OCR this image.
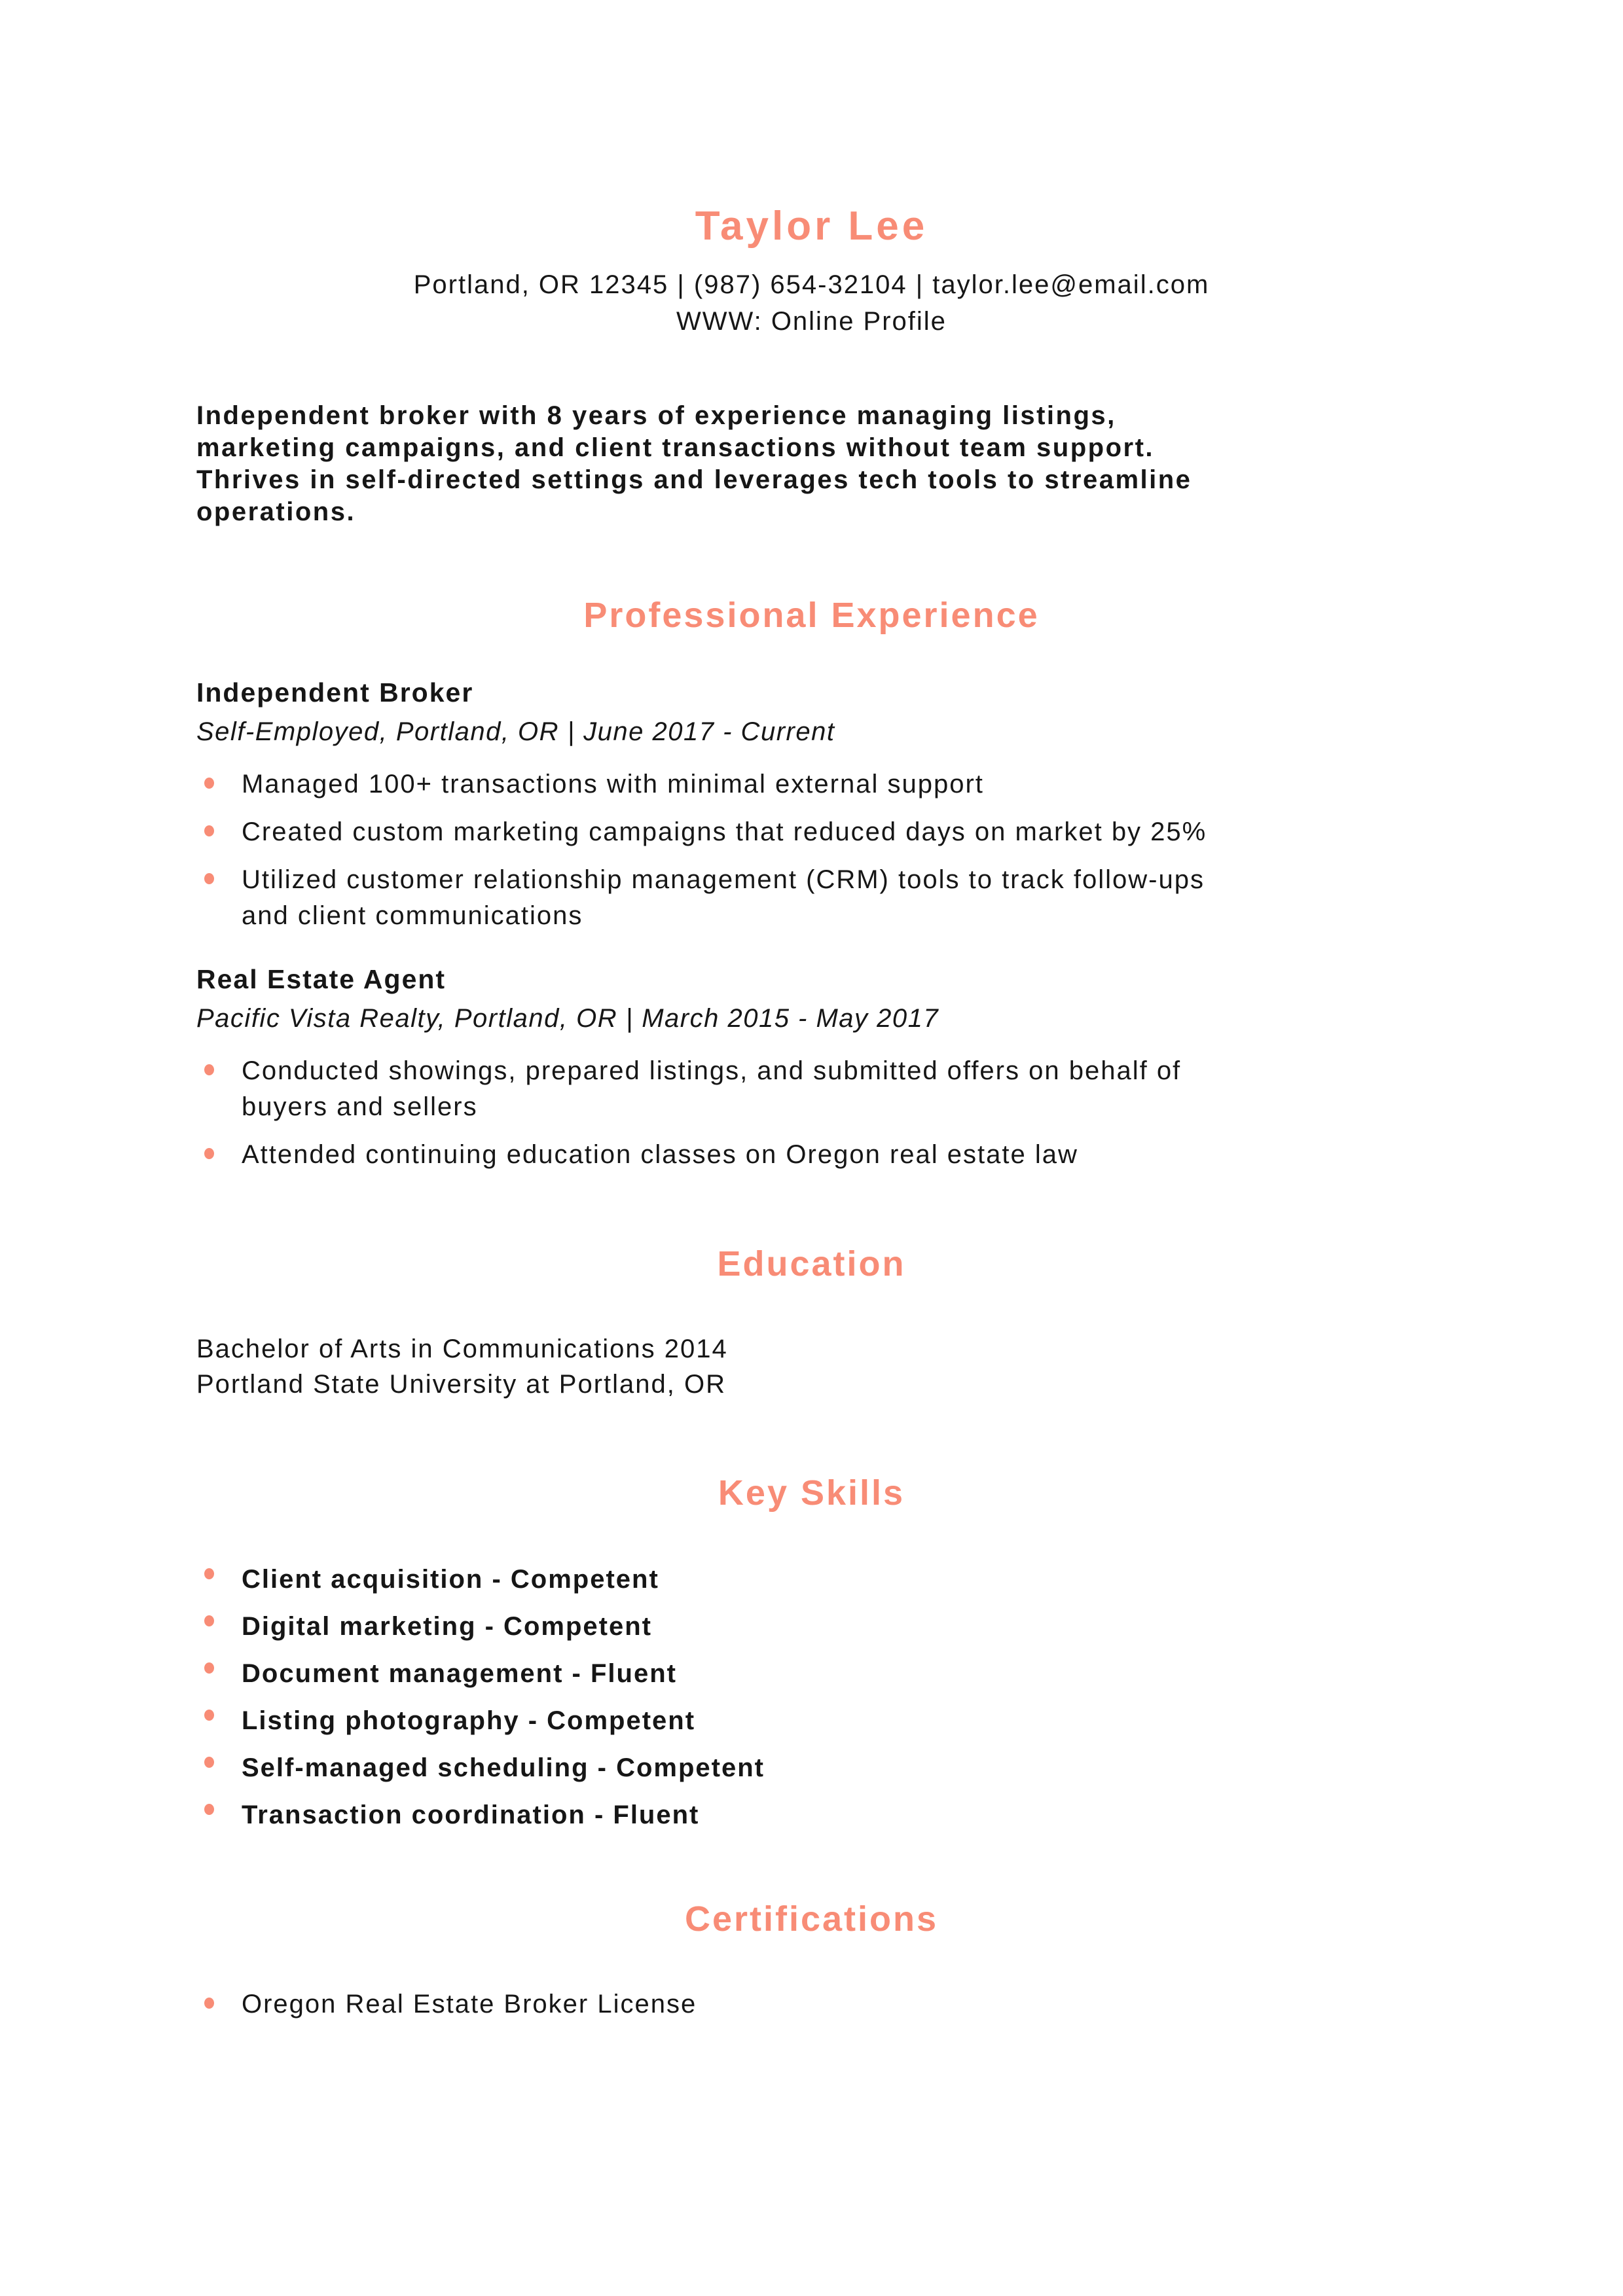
Taylor Lee
Portland, OR 12345 | (987) 654-32104 | taylor.lee@email.com
WWW: Online Profile

Independent broker with 8 years of experience managing listings,
marketing campaigns, and client transactions without team support.
Thrives in self-directed settings and leverages tech tools to streamline
operations.

Professional Experience
Independent Broker
Self-Employed, Portland, OR | June 2017 - Current
Managed 100+ transactions with minimal external support
Created custom marketing campaigns that reduced days on market by 25%
Utilized customer relationship management (CRM) tools to track follow-ups
and client communications
Real Estate Agent
Pacific Vista Realty, Portland, OR | March 2015 - May 2017
Conducted showings, prepared listings, and submitted offers on behalf of
buyers and sellers
Attended continuing education classes on Oregon real estate law
Education
Bachelor of Arts in Communications 2014
Portland State University at Portland, OR
Key Skills
Client acquisition - Competent
Digital marketing - Competent
Document management - Fluent
Listing photography - Competent
Self-managed scheduling - Competent
Transaction coordination - Fluent
Certifications
Oregon Real Estate Broker License
